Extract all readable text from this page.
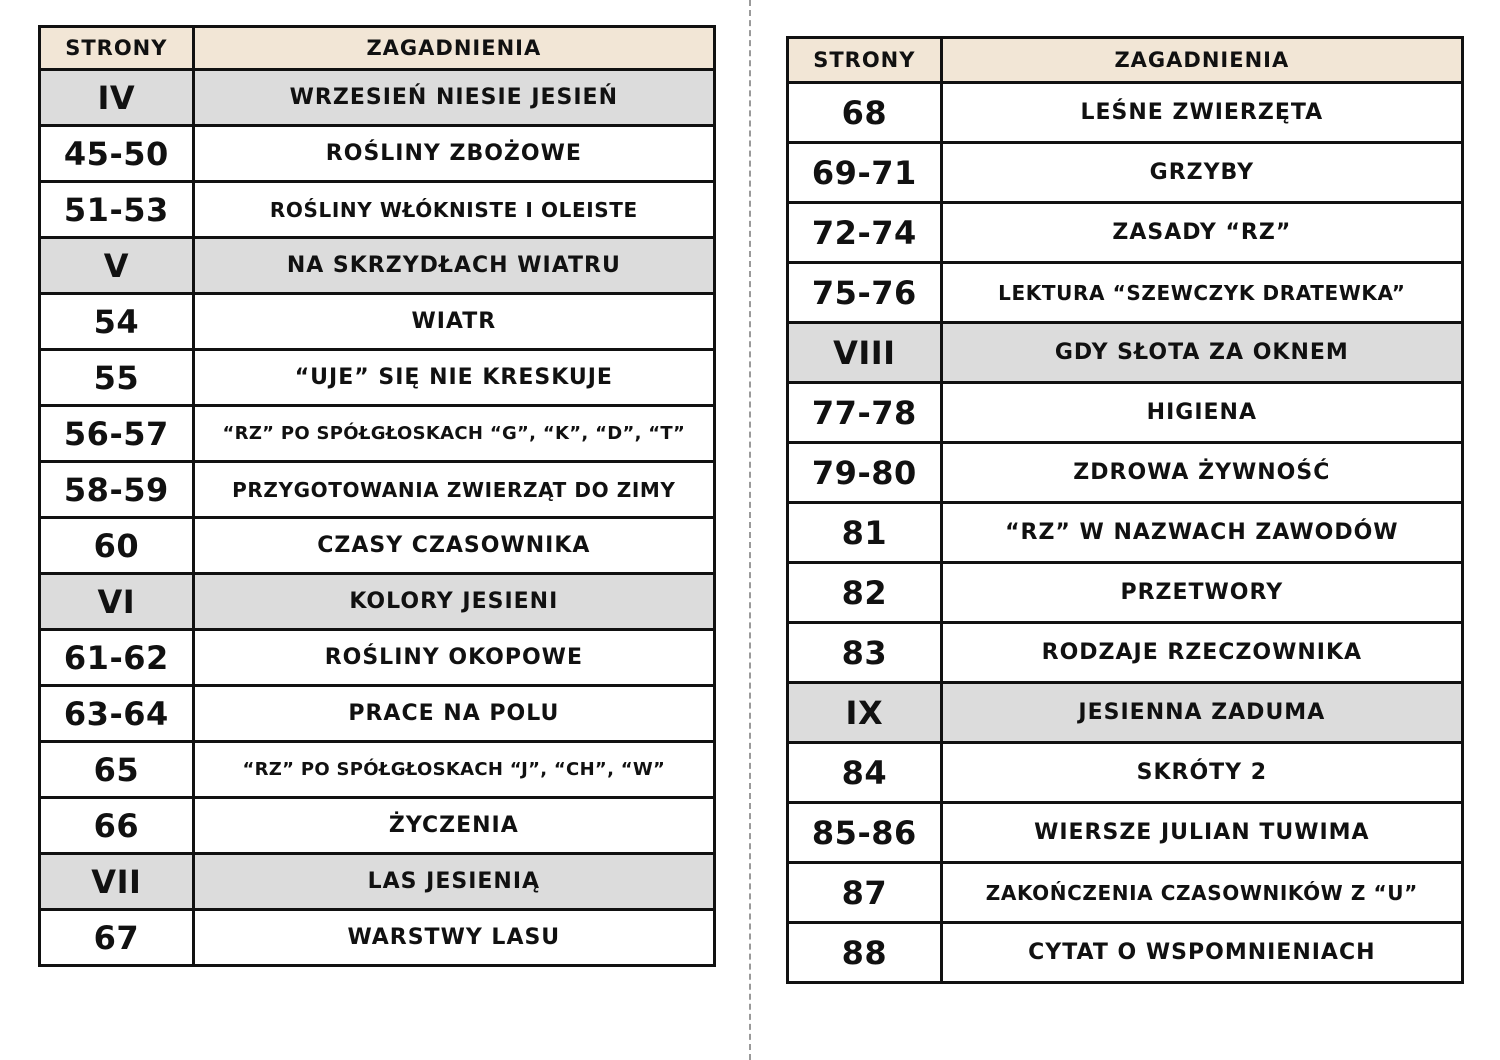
STRONY	ZAGADNIENIA
IV	WRZESIEŃ NIESIE JESIEŃ
45-50	ROŚLINY ZBOŻOWE
51-53	ROŚLINY WŁÓKNISTE I OLEISTE
V	NA SKRZYDŁACH WIATRU
54	WIATR
55	“UJE” SIĘ NIE KRESKUJE
56-57	“RZ” PO SPÓŁGŁOSKACH “G”, “K”, “D”, “T”
58-59	PRZYGOTOWANIA ZWIERZĄT DO ZIMY
60	CZASY CZASOWNIKA
VI	KOLORY JESIENI
61-62	ROŚLINY OKOPOWE
63-64	PRACE NA POLU
65	“RZ” PO SPÓŁGŁOSKACH “J”, “CH”, “W”
66	ŻYCZENIA
VII	LAS JESIENIĄ
67	WARSTWY LASU
STRONY	ZAGADNIENIA
68	LEŚNE ZWIERZĘTA
69-71	GRZYBY
72-74	ZASADY “RZ”
75-76	LEKTURA “SZEWCZYK DRATEWKA”
VIII	GDY SŁOTA ZA OKNEM
77-78	HIGIENA
79-80	ZDROWA ŻYWNOŚĆ
81	“RZ” W NAZWACH ZAWODÓW
82	PRZETWORY
83	RODZAJE RZECZOWNIKA
IX	JESIENNA ZADUMA
84	SKRÓTY 2
85-86	WIERSZE JULIAN TUWIMA
87	ZAKOŃCZENIA CZASOWNIKÓW Z “U”
88	CYTAT O WSPOMNIENIACH
